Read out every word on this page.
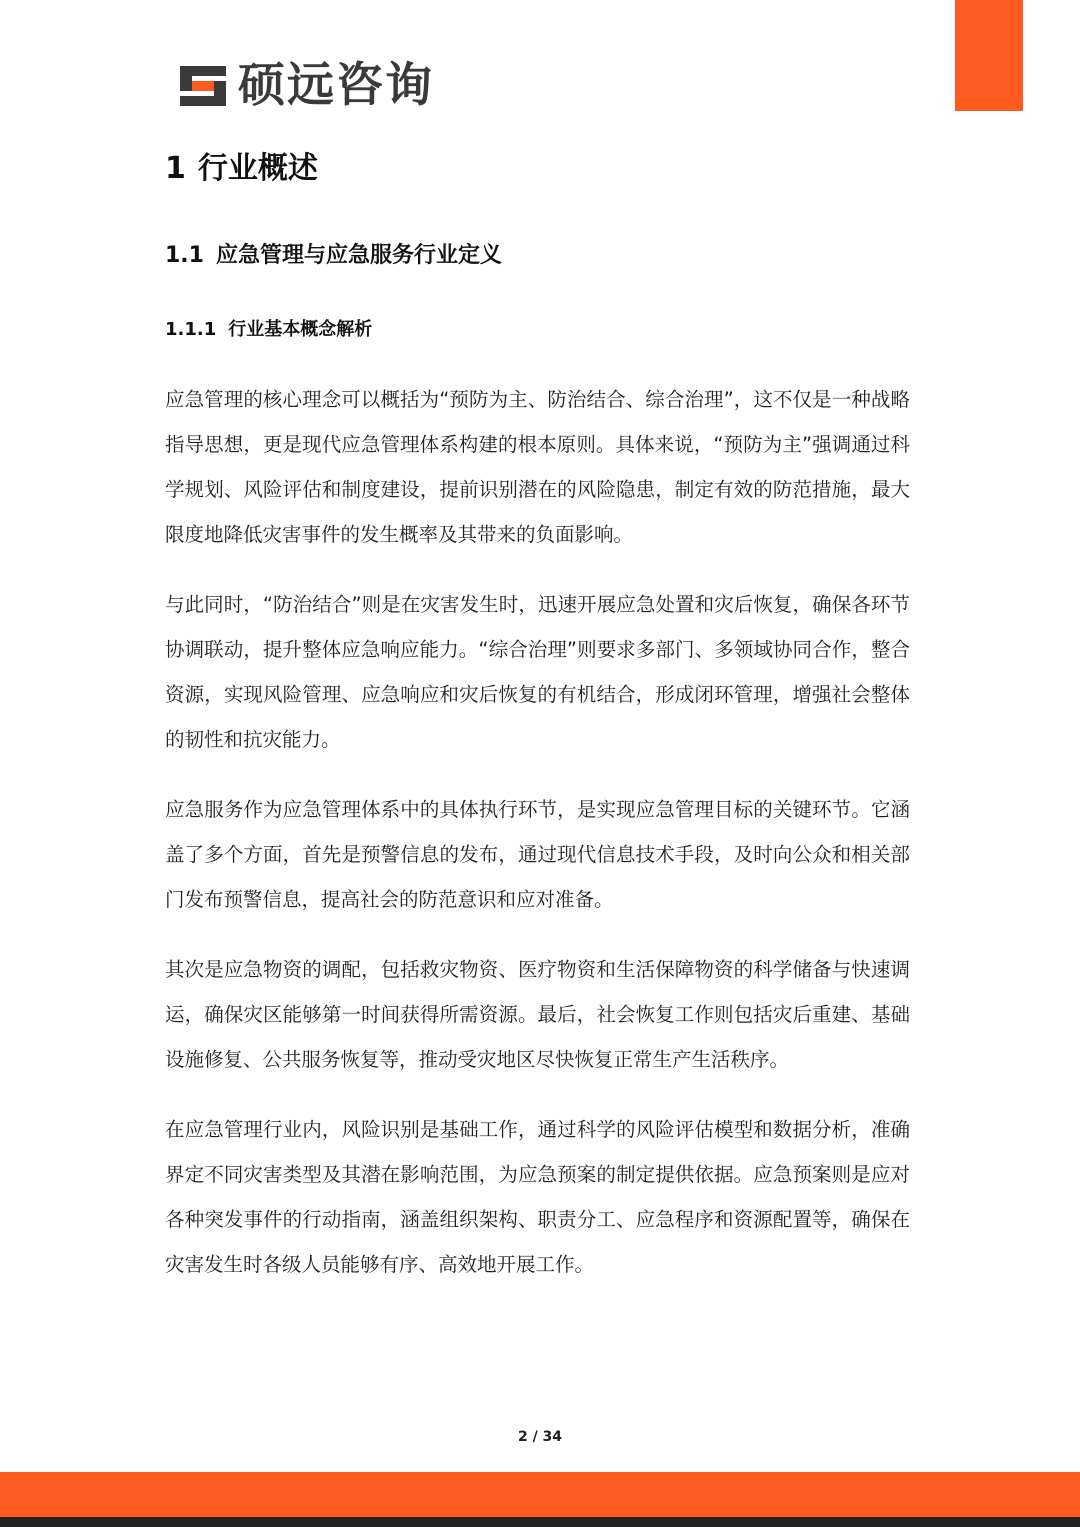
硕远咨询
1 行业概述
1.1 应急管理与应急服务行业定义
1.1.1 行业基本概念解析

应急管理的核心理念可以概括为“预防为主、防治结合、综合治理”，这不仅是一种战略指导思想，更是现代应急管理体系构建的根本原则。具体来说，“预防为主”强调通过科学规划、风险评估和制度建设，提前识别潜在的风险隐患，制定有效的防范措施，最大限度地降低灾害事件的发生概率及其带来的负面影响。

与此同时，“防治结合”则是在灾害发生时，迅速开展应急处置和灾后恢复，确保各环节协调联动，提升整体应急响应能力。“综合治理”则要求多部门、多领域协同合作，整合资源，实现风险管理、应急响应和灾后恢复的有机结合，形成闭环管理，增强社会整体的韧性和抗灾能力。

应急服务作为应急管理体系中的具体执行环节，是实现应急管理目标的关键环节。它涵盖了多个方面，首先是预警信息的发布，通过现代信息技术手段，及时向公众和相关部门发布预警信息，提高社会的防范意识和应对准备。

其次是应急物资的调配，包括救灾物资、医疗物资和生活保障物资的科学储备与快速调运，确保灾区能够第一时间获得所需资源。最后，社会恢复工作则包括灾后重建、基础设施修复、公共服务恢复等，推动受灾地区尽快恢复正常生产生活秩序。

在应急管理行业内，风险识别是基础工作，通过科学的风险评估模型和数据分析，准确界定不同灾害类型及其潜在影响范围，为应急预案的制定提供依据。应急预案则是应对各种突发事件的行动指南，涵盖组织架构、职责分工、应急程序和资源配置等，确保在灾害发生时各级人员能够有序、高效地开展工作。

2 / 34
